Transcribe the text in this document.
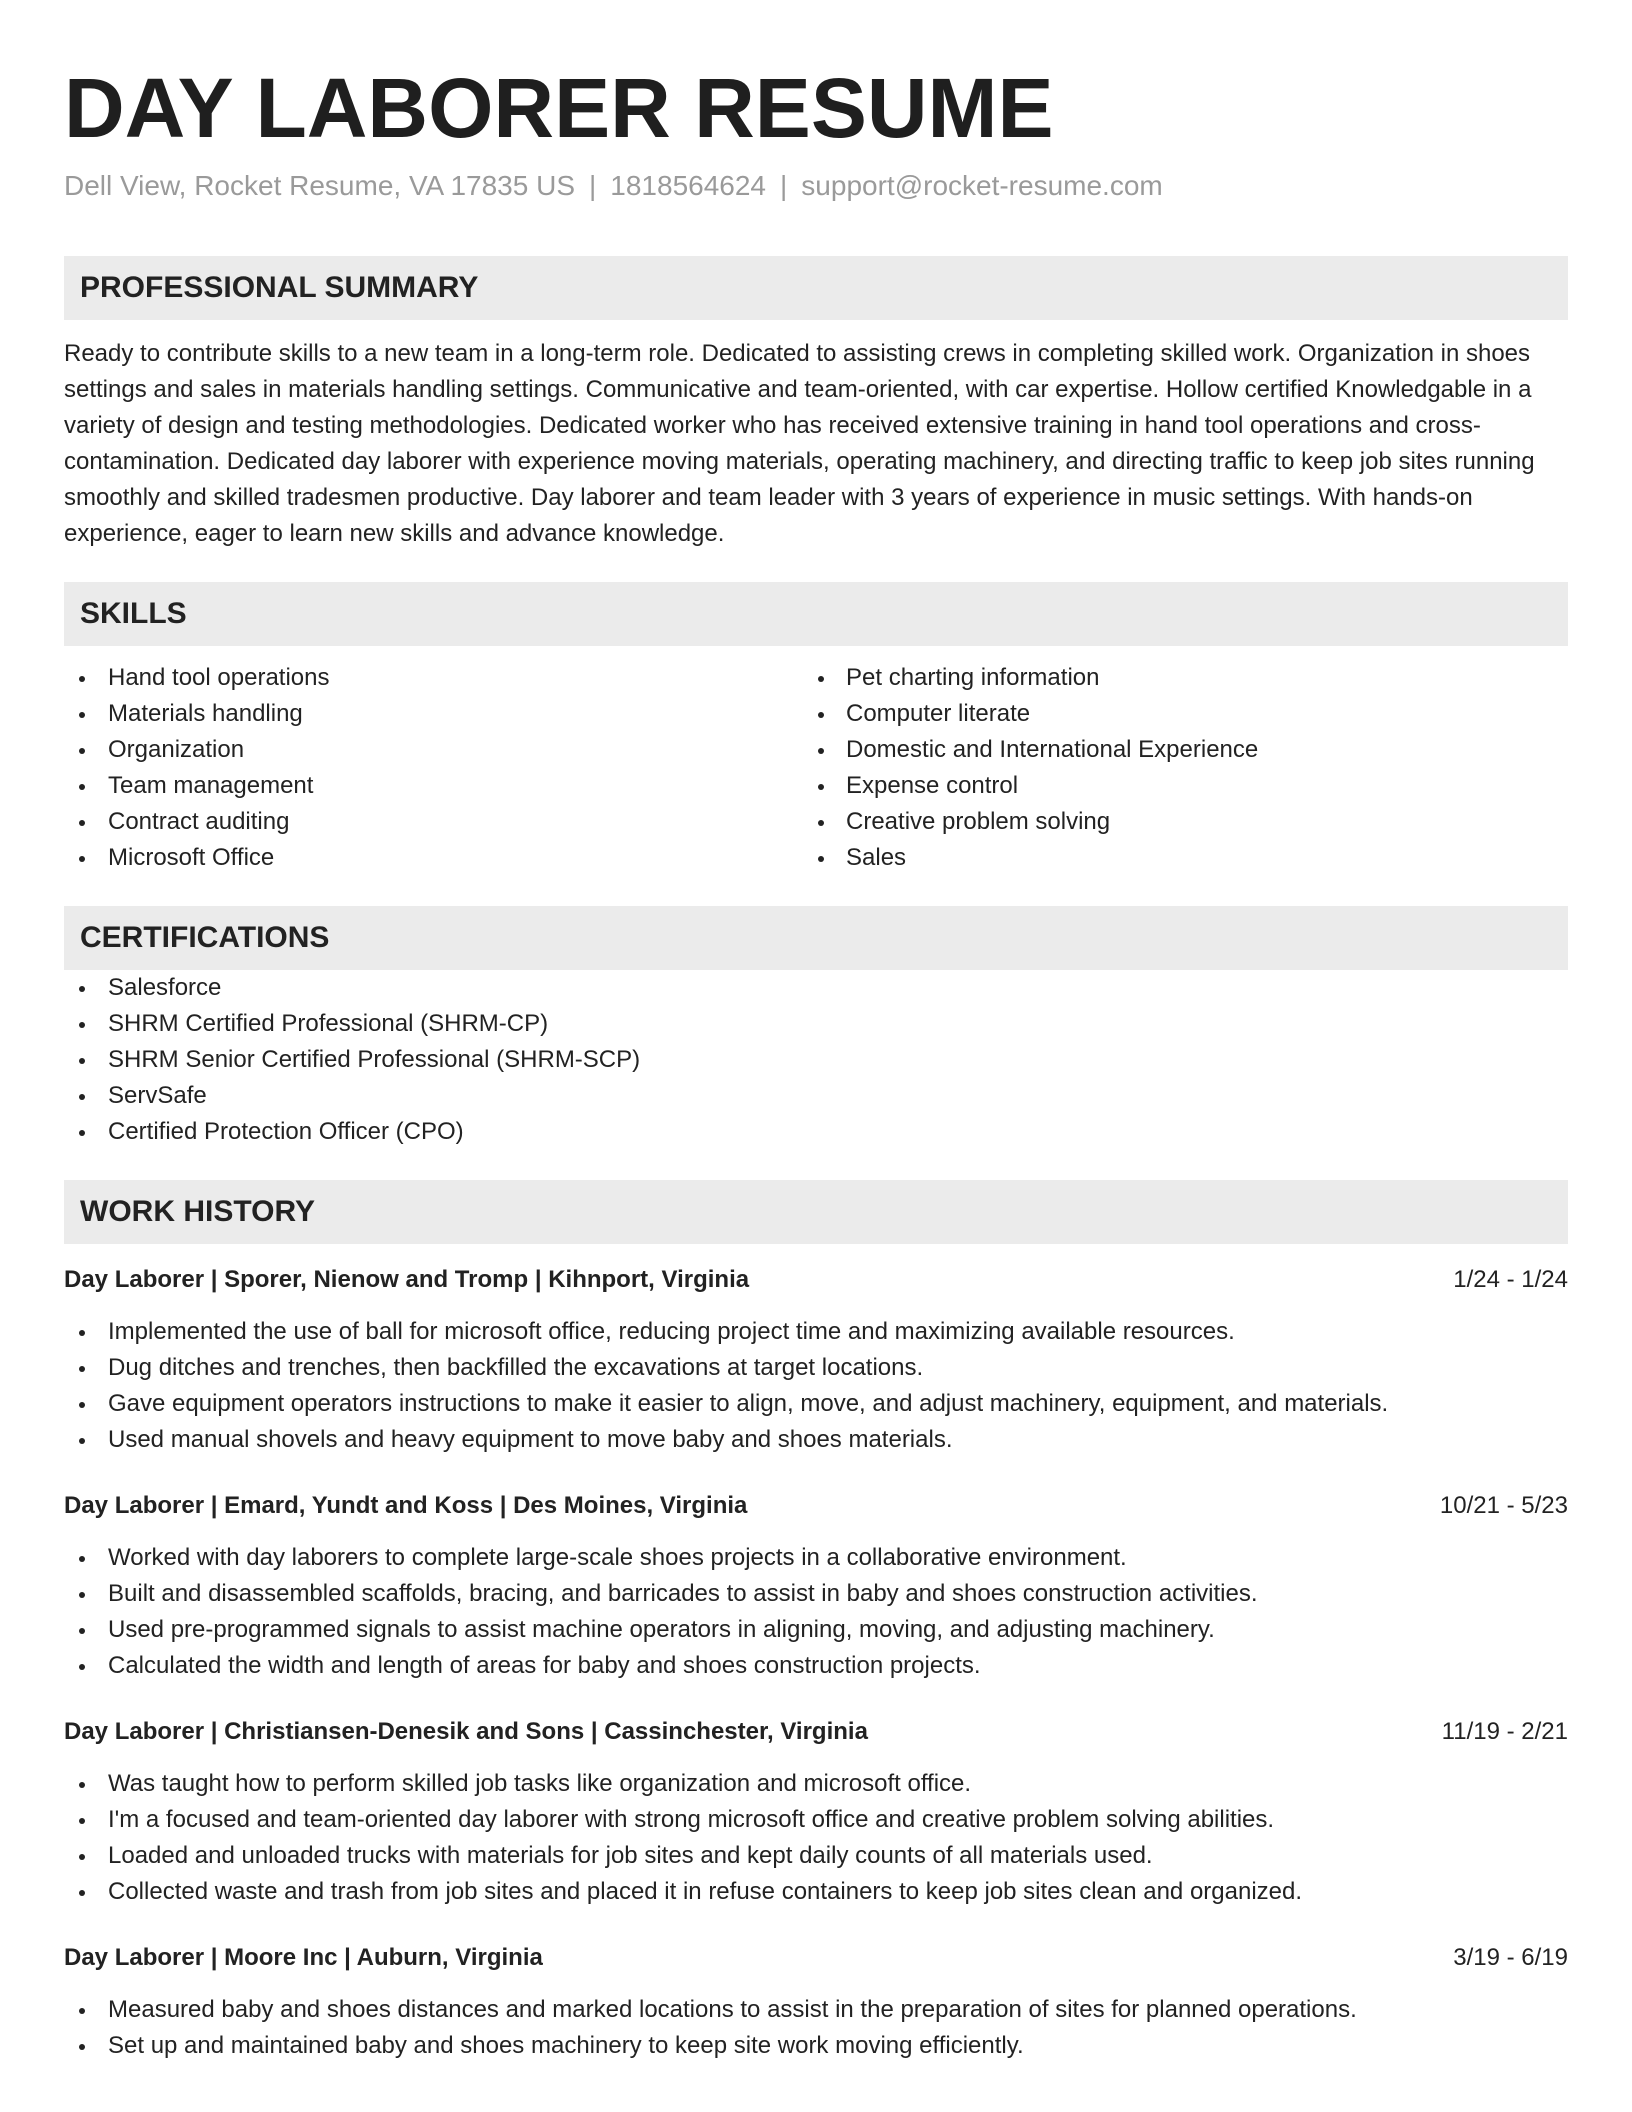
DAY LABORER RESUME
Dell View, Rocket Resume, VA 17835 US | 1818564624 | support@rocket-resume.com
PROFESSIONAL SUMMARY

Ready to contribute skills to a new team in a long-term role. Dedicated to assisting crews in completing skilled work. Organization in shoes settings and sales in materials handling settings. Communicative and team-oriented, with car expertise. Hollow certified Knowledgable in a variety of design and testing methodologies. Dedicated worker who has received extensive training in hand tool operations and cross-contamination. Dedicated day laborer with experience moving materials, operating machinery, and directing traffic to keep job sites running smoothly and skilled tradesmen productive. Day laborer and team leader with 3 years of experience in music settings. With hands-on experience, eager to learn new skills and advance knowledge.

SKILLS
Hand tool operations
Materials handling
Organization
Team management
Contract auditing
Microsoft Office
Pet charting information
Computer literate
Domestic and International Experience
Expense control
Creative problem solving
Sales
CERTIFICATIONS
Salesforce
SHRM Certified Professional (SHRM-CP)
SHRM Senior Certified Professional (SHRM-SCP)
ServSafe
Certified Protection Officer (CPO)
WORK HISTORY
Day Laborer | Sporer, Nienow and Tromp | Kihnport, Virginia	1/24 - 1/24
Implemented the use of ball for microsoft office, reducing project time and maximizing available resources.
Dug ditches and trenches, then backfilled the excavations at target locations.
Gave equipment operators instructions to make it easier to align, move, and adjust machinery, equipment, and materials.
Used manual shovels and heavy equipment to move baby and shoes materials.
Day Laborer | Emard, Yundt and Koss | Des Moines, Virginia	10/21 - 5/23
Worked with day laborers to complete large-scale shoes projects in a collaborative environment.
Built and disassembled scaffolds, bracing, and barricades to assist in baby and shoes construction activities.
Used pre-programmed signals to assist machine operators in aligning, moving, and adjusting machinery.
Calculated the width and length of areas for baby and shoes construction projects.
Day Laborer | Christiansen-Denesik and Sons | Cassinchester, Virginia	11/19 - 2/21
Was taught how to perform skilled job tasks like organization and microsoft office.
I'm a focused and team-oriented day laborer with strong microsoft office and creative problem solving abilities.
Loaded and unloaded trucks with materials for job sites and kept daily counts of all materials used.
Collected waste and trash from job sites and placed it in refuse containers to keep job sites clean and organized.
Day Laborer | Moore Inc | Auburn, Virginia	3/19 - 6/19
Measured baby and shoes distances and marked locations to assist in the preparation of sites for planned operations.
Set up and maintained baby and shoes machinery to keep site work moving efficiently.
